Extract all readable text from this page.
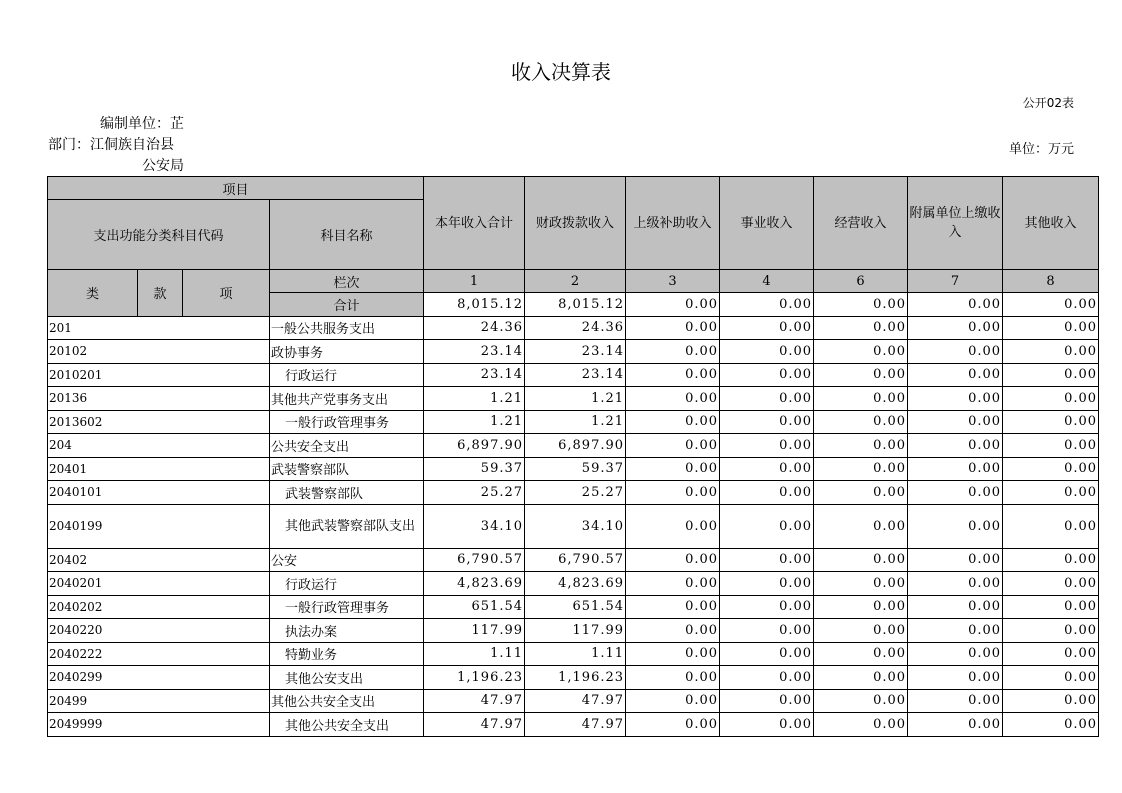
收入决算表
公开02表
编制单位：芷
部门：江侗族自治县
公安局
单位：万元
项目				本年收入合计	财政拨款收入	上级补助收入	事业收入	经营收入	附属单位上缴收入	其他收入
支出功能分类科目代码			科目名称							
类	款	项	栏次	1	2	3	4	6	7	8
			合计	8,015.12	8,015.12	0.00	0.00	0.00	0.00	0.00
201			一般公共服务支出	24.36	24.36	0.00	0.00	0.00	0.00	0.00
20102			政协事务	23.14	23.14	0.00	0.00	0.00	0.00	0.00
2010201			行政运行	23.14	23.14	0.00	0.00	0.00	0.00	0.00
20136			其他共产党事务支出	1.21	1.21	0.00	0.00	0.00	0.00	0.00
2013602			一般行政管理事务	1.21	1.21	0.00	0.00	0.00	0.00	0.00
204			公共安全支出	6,897.90	6,897.90	0.00	0.00	0.00	0.00	0.00
20401			武装警察部队	59.37	59.37	0.00	0.00	0.00	0.00	0.00
2040101			武装警察部队	25.27	25.27	0.00	0.00	0.00	0.00	0.00
2040199			其他武装警察部队支出	34.10	34.10	0.00	0.00	0.00	0.00	0.00
20402			公安	6,790.57	6,790.57	0.00	0.00	0.00	0.00	0.00
2040201			行政运行	4,823.69	4,823.69	0.00	0.00	0.00	0.00	0.00
2040202			一般行政管理事务	651.54	651.54	0.00	0.00	0.00	0.00	0.00
2040220			执法办案	117.99	117.99	0.00	0.00	0.00	0.00	0.00
2040222			特勤业务	1.11	1.11	0.00	0.00	0.00	0.00	0.00
2040299			其他公安支出	1,196.23	1,196.23	0.00	0.00	0.00	0.00	0.00
20499			其他公共安全支出	47.97	47.97	0.00	0.00	0.00	0.00	0.00
2049999			其他公共安全支出	47.97	47.97	0.00	0.00	0.00	0.00	0.00
